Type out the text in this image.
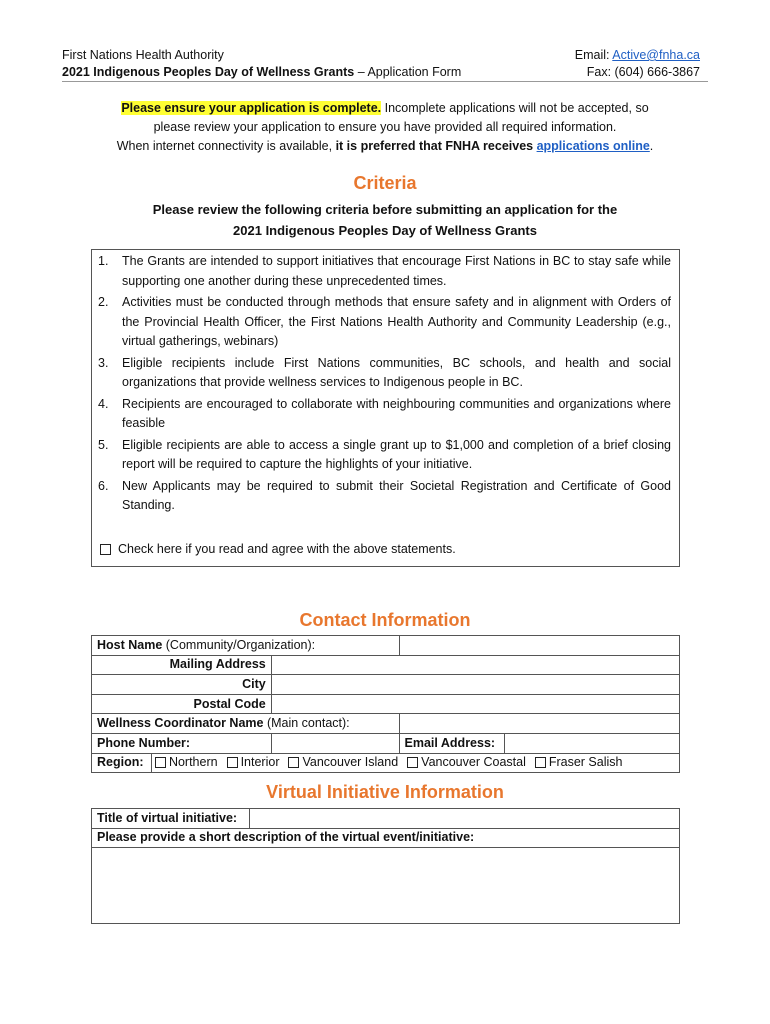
First Nations Health Authority
2021 Indigenous Peoples Day of Wellness Grants – Application Form
Email: Active@fnha.ca
Fax: (604) 666-3867
Please ensure your application is complete. Incomplete applications will not be accepted, so
please review your application to ensure you have provided all required information.
When internet connectivity is available, it is preferred that FNHA receives applications online.
Criteria
Please review the following criteria before submitting an application for the
2021 Indigenous Peoples Day of Wellness Grants
1.	The Grants are intended to support initiatives that encourage First Nations in BC to stay safe while supporting one another during these unprecedented times.
2.	Activities must be conducted through methods that ensure safety and in alignment with Orders of the Provincial Health Officer, the First Nations Health Authority and Community Leadership (e.g., virtual gatherings, webinars)
3.	Eligible recipients include First Nations communities, BC schools, and health and social organizations that provide wellness services to Indigenous people in BC.
4.	Recipients are encouraged to collaborate with neighbouring communities and organizations where feasible
5.	Eligible recipients are able to access a single grant up to $1,000 and completion of a brief closing report will be required to capture the highlights of your initiative.
6.	New Applicants may be required to submit their Societal Registration and Certificate of Good Standing.
Check here if you read and agree with the above statements.
Contact Information
Host Name (Community/Organization):				
Mailing Address				
City				
Postal Code				
Wellness Coordinator Name (Main contact):				
Phone Number:			Email Address:	
Region:	Northern Interior Vancouver Island Vancouver Coastal Fraser Salish			
Virtual Initiative Information
Title of virtual initiative:	
Please provide a short description of the virtual event/initiative:
